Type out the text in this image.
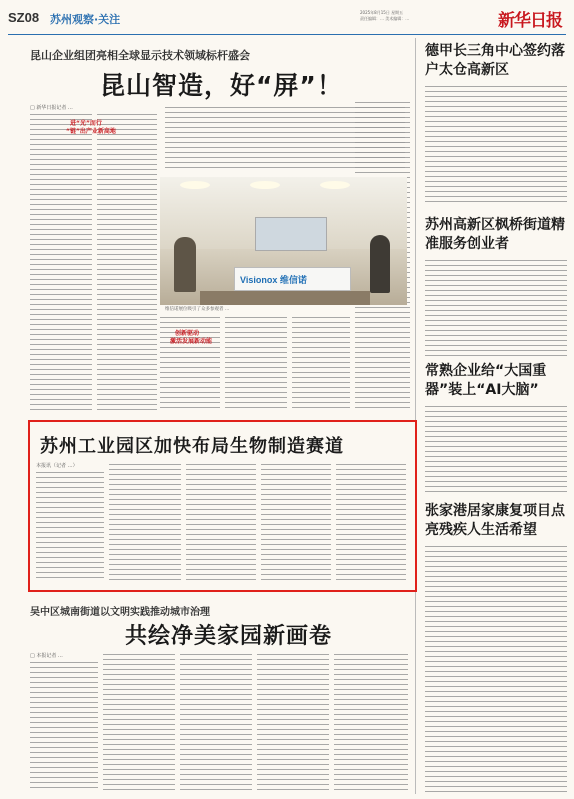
SZ08 苏州观察·关注
2025年8月15日 星期五
责任编辑：… 美术编辑：…	新华日报
昆山企业组团亮相全球显示技术领域标杆盛会
昆山智造，好“屏”！
□ 新华日报记者 …
进“光”而行
“链”出产业新高地
创新驱动
激活发展新动能
Visionox 维信诺
维信诺展位吸引了众多参观者 …
苏州工业园区加快布局生物制造赛道
本报讯（记者 …）
吴中区城南街道以文明实践推动城市治理
共绘净美家园新画卷
□ 本报记者 …
德甲长三角中心签约落户太仓高新区
苏州高新区枫桥街道精准服务创业者
常熟企业给“大国重器”装上“AI大脑”
张家港居家康复项目点亮残疾人生活希望
